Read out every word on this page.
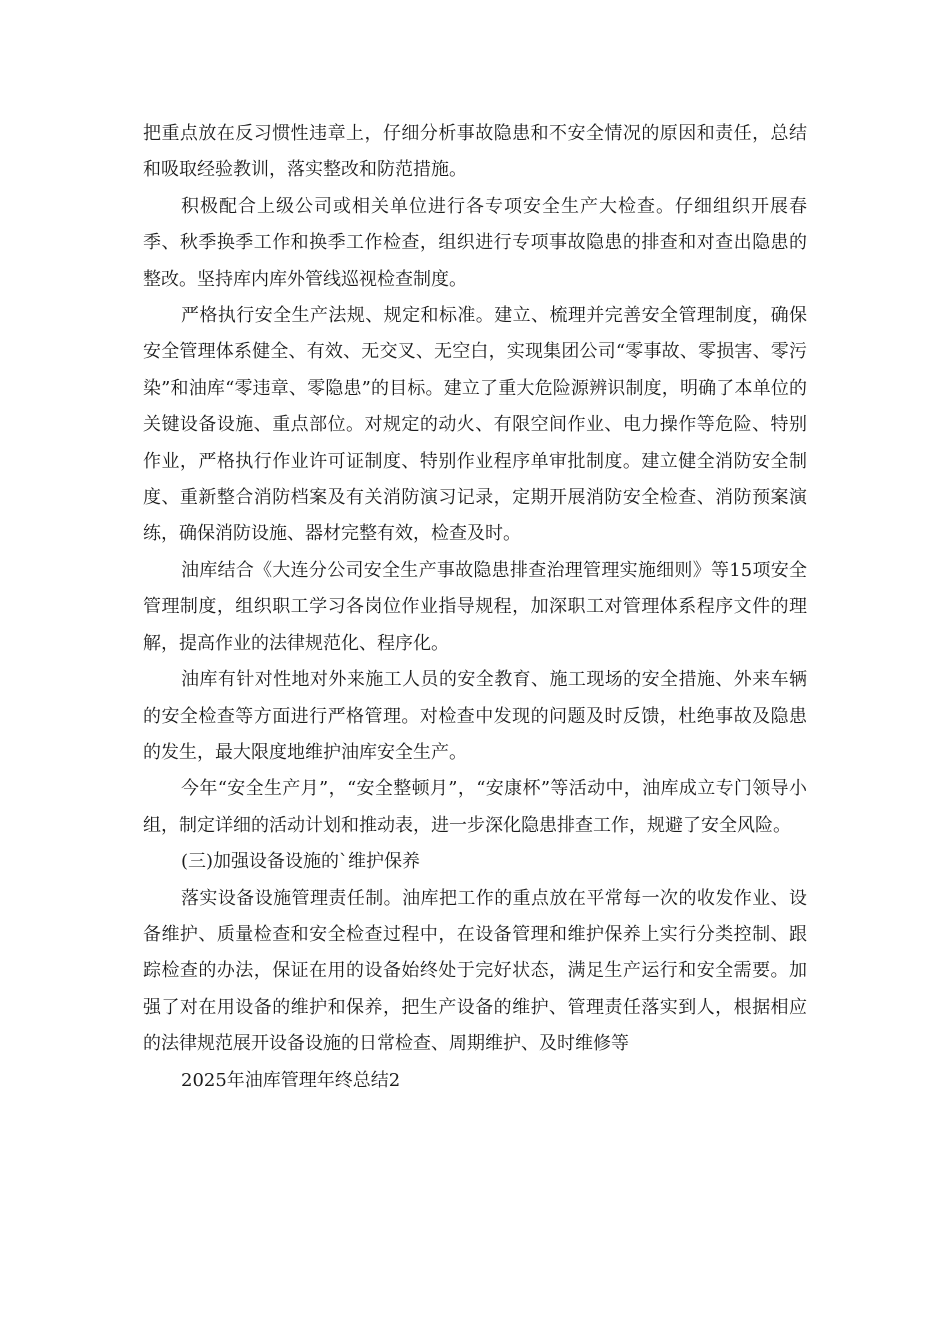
把重点放在反习惯性违章上，仔细分析事故隐患和不安全情况的原因和责任，总结和吸取经验教训，落实整改和防范措施。

积极配合上级公司或相关单位进行各专项安全生产大检查。仔细组织开展春季、秋季换季工作和换季工作检查，组织进行专项事故隐患的排查和对查出隐患的整改。坚持库内库外管线巡视检查制度。

严格执行安全生产法规、规定和标准。建立、梳理并完善安全管理制度，确保安全管理体系健全、有效、无交叉、无空白，实现集团公司“零事故、零损害、零污染”和油库“零违章、零隐患”的目标。建立了重大危险源辨识制度，明确了本单位的关键设备设施、重点部位。对规定的动火、有限空间作业、电力操作等危险、特别作业，严格执行作业许可证制度、特别作业程序单审批制度。建立健全消防安全制度、重新整合消防档案及有关消防演习记录，定期开展消防安全检查、消防预案演练，确保消防设施、器材完整有效，检查及时。

油库结合《大连分公司安全生产事故隐患排查治理管理实施细则》等15项安全管理制度，组织职工学习各岗位作业指导规程，加深职工对管理体系程序文件的理解，提高作业的法律规范化、程序化。

油库有针对性地对外来施工人员的安全教育、施工现场的安全措施、外来车辆的安全检查等方面进行严格管理。对检查中发现的问题及时反馈，杜绝事故及隐患的发生，最大限度地维护油库安全生产。

今年“安全生产月”，“安全整顿月”，“安康杯”等活动中，油库成立专门领导小组，制定详细的活动计划和推动表，进一步深化隐患排查工作，规避了安全风险。

(三)加强设备设施的`维护保养

落实设备设施管理责任制。油库把工作的重点放在平常每一次的收发作业、设备维护、质量检查和安全检查过程中，在设备管理和维护保养上实行分类控制、跟踪检查的办法，保证在用的设备始终处于完好状态，满足生产运行和安全需要。加强了对在用设备的维护和保养，把生产设备的维护、管理责任落实到人，根据相应的法律规范展开设备设施的日常检查、周期维护、及时维修等

2025年油库管理年终总结2
